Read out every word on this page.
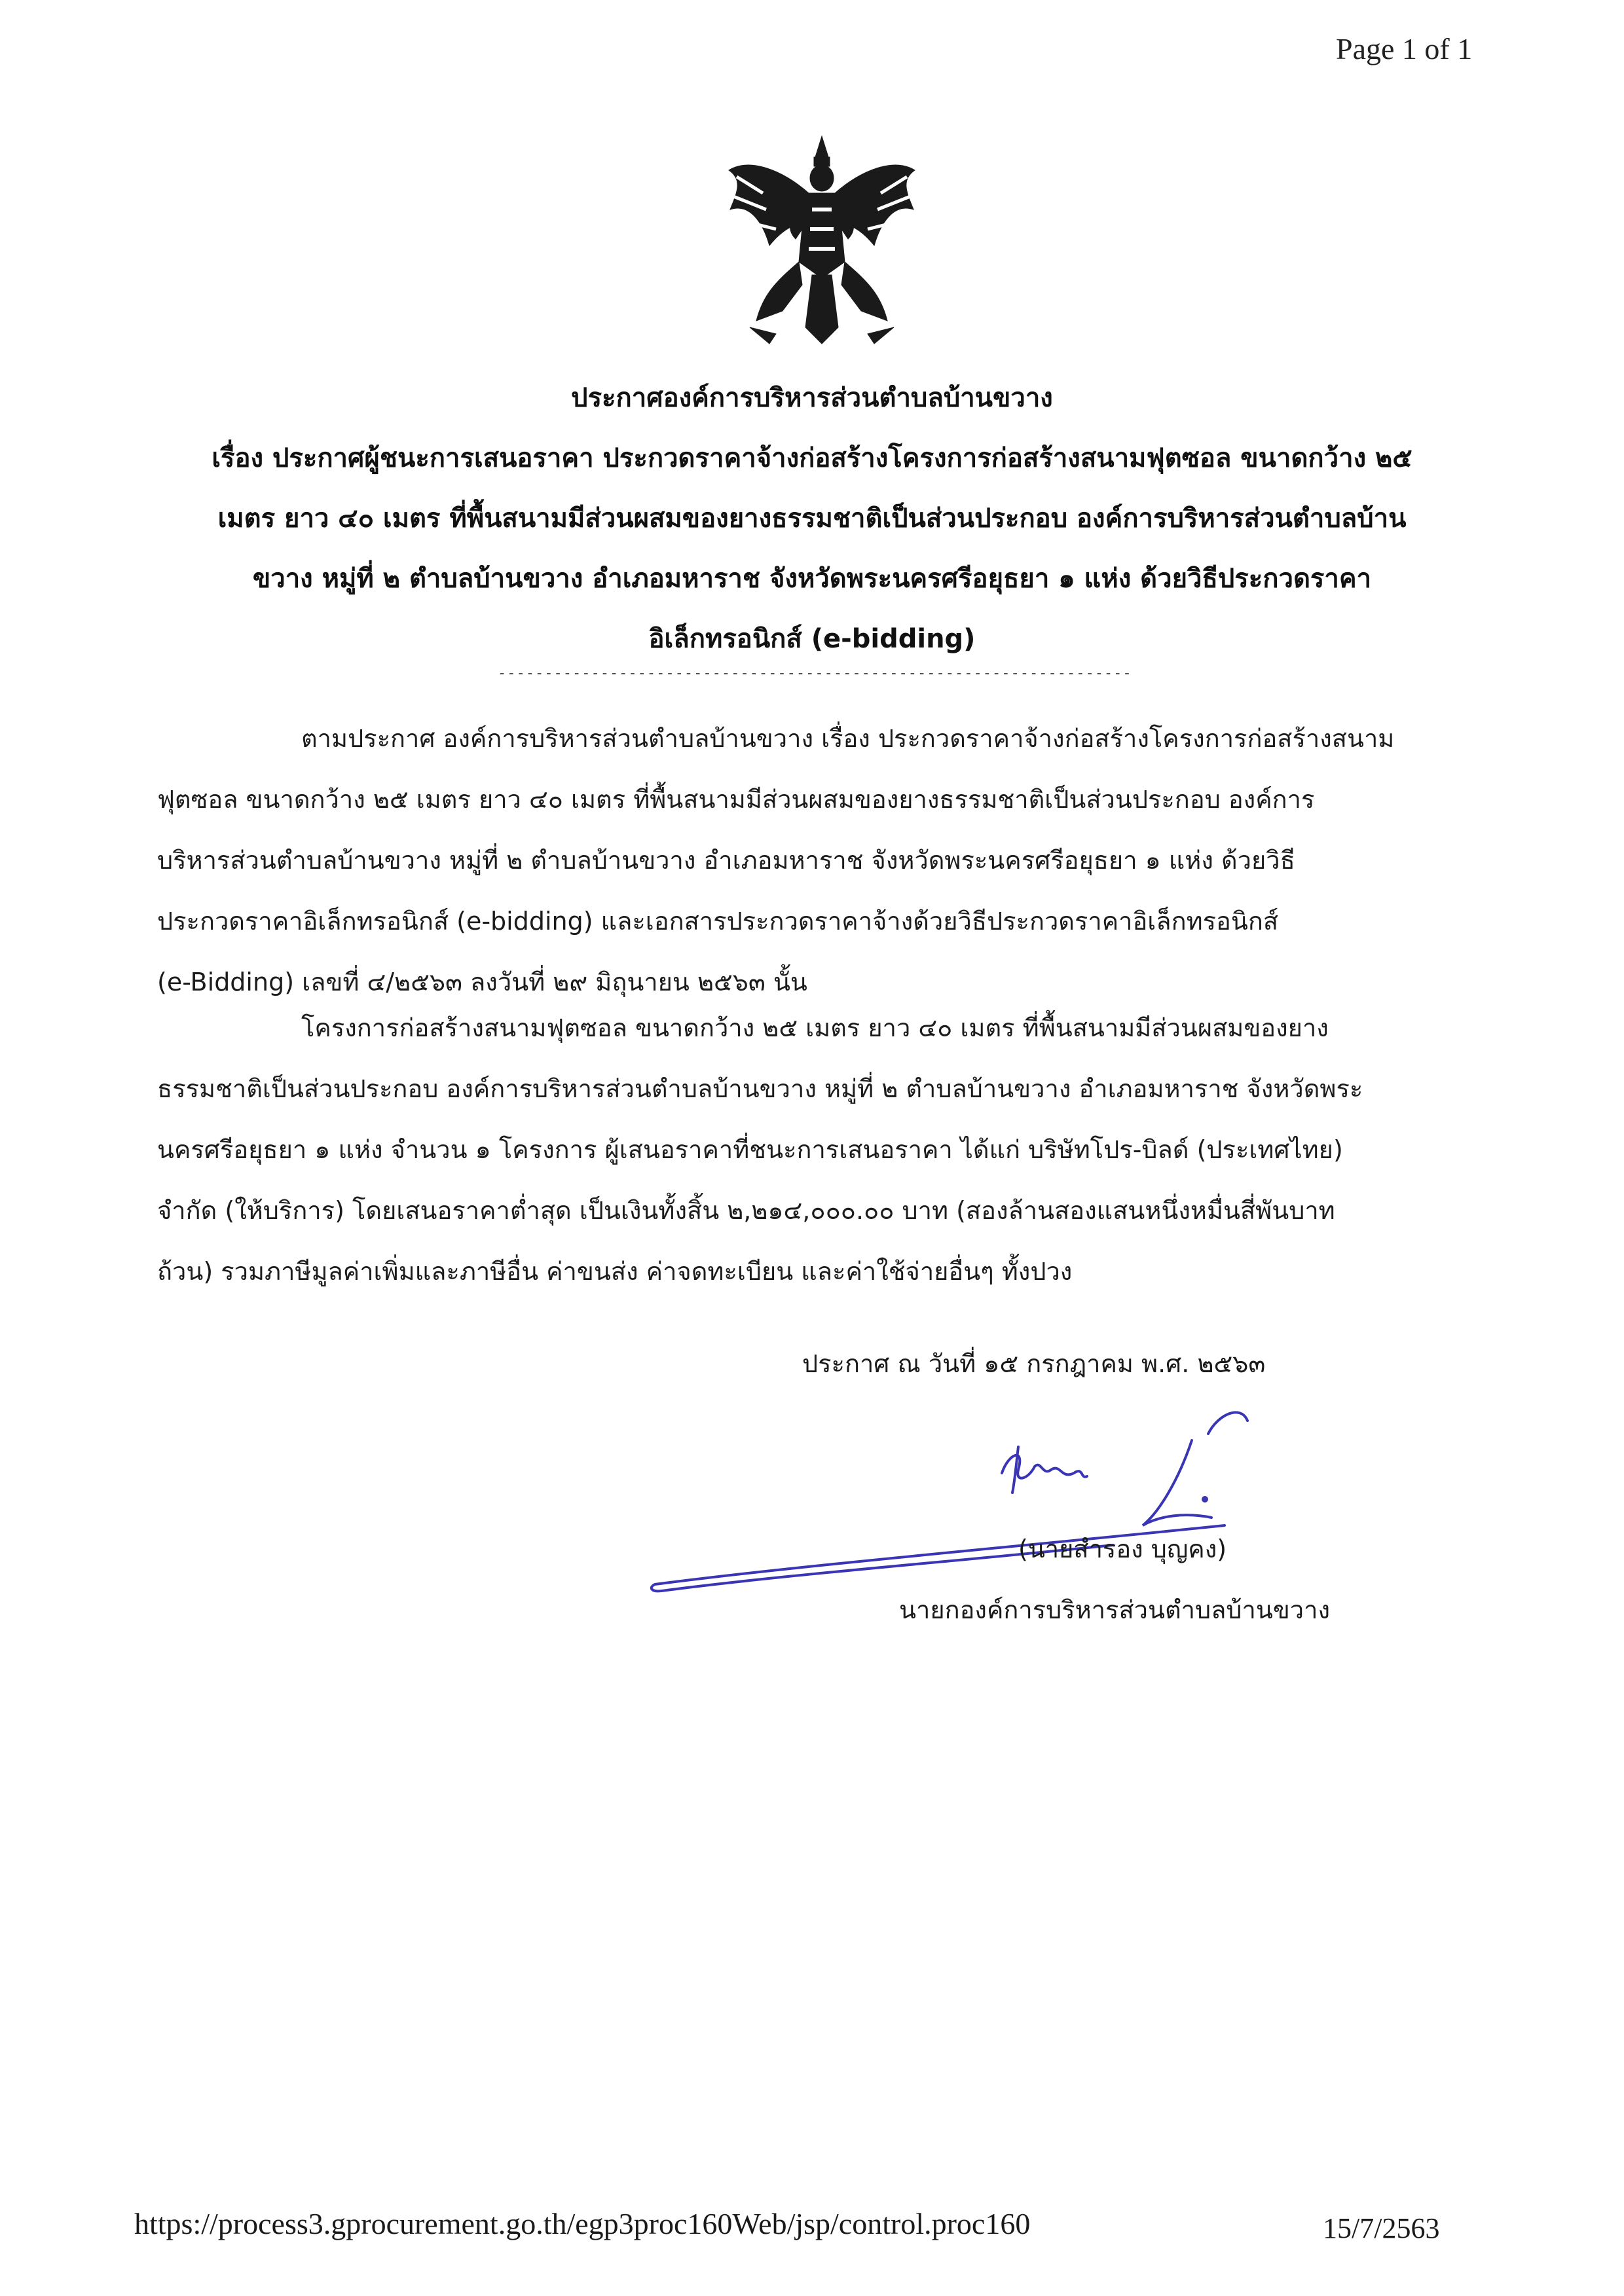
Page 1 of 1
ประกาศองค์การบริหารส่วนตำบลบ้านขวาง
เรื่อง ประกาศผู้ชนะการเสนอราคา ประกวดราคาจ้างก่อสร้างโครงการก่อสร้างสนามฟุตซอล ขนาดกว้าง ๒๕
เมตร ยาว ๔๐ เมตร ที่พื้นสนามมีส่วนผสมของยางธรรมชาติเป็นส่วนประกอบ องค์การบริหารส่วนตำบลบ้าน
ขวาง หมู่ที่ ๒ ตำบลบ้านขวาง อำเภอมหาราช จังหวัดพระนครศรีอยุธยา ๑ แห่ง ด้วยวิธีประกวดราคา
อิเล็กทรอนิกส์ (e-bidding)
--------------------------------------------------------------------
ตามประกาศ องค์การบริหารส่วนตำบลบ้านขวาง เรื่อง ประกวดราคาจ้างก่อสร้างโครงการก่อสร้างสนาม
ฟุตซอล ขนาดกว้าง ๒๕ เมตร ยาว ๔๐ เมตร ที่พื้นสนามมีส่วนผสมของยางธรรมชาติเป็นส่วนประกอบ องค์การ
บริหารส่วนตำบลบ้านขวาง หมู่ที่ ๒ ตำบลบ้านขวาง อำเภอมหาราช จังหวัดพระนครศรีอยุธยา ๑ แห่ง ด้วยวิธี
ประกวดราคาอิเล็กทรอนิกส์ (e-bidding) และเอกสารประกวดราคาจ้างด้วยวิธีประกวดราคาอิเล็กทรอนิกส์
(e-Bidding) เลขที่ ๔/๒๕๖๓ ลงวันที่ ๒๙ มิถุนายน ๒๕๖๓ นั้น
โครงการก่อสร้างสนามฟุตซอล ขนาดกว้าง ๒๕ เมตร ยาว ๔๐ เมตร ที่พื้นสนามมีส่วนผสมของยาง
ธรรมชาติเป็นส่วนประกอบ องค์การบริหารส่วนตำบลบ้านขวาง หมู่ที่ ๒ ตำบลบ้านขวาง อำเภอมหาราช จังหวัดพระ
นครศรีอยุธยา ๑ แห่ง จำนวน ๑ โครงการ ผู้เสนอราคาที่ชนะการเสนอราคา ได้แก่ บริษัทโปร-บิลด์ (ประเทศไทย)
จำกัด (ให้บริการ) โดยเสนอราคาต่ำสุด เป็นเงินทั้งสิ้น ๒,๒๑๔,๐๐๐.๐๐ บาท (สองล้านสองแสนหนึ่งหมื่นสี่พันบาท
ถ้วน) รวมภาษีมูลค่าเพิ่มและภาษีอื่น ค่าขนส่ง ค่าจดทะเบียน และค่าใช้จ่ายอื่นๆ ทั้งปวง
ประกาศ ณ วันที่ ๑๕ กรกฎาคม พ.ศ. ๒๕๖๓
(นายสำรอง บุญคง)
นายกองค์การบริหารส่วนตำบลบ้านขวาง
https://process3.gprocurement.go.th/egp3proc160Web/jsp/control.proc160	15/7/2563
